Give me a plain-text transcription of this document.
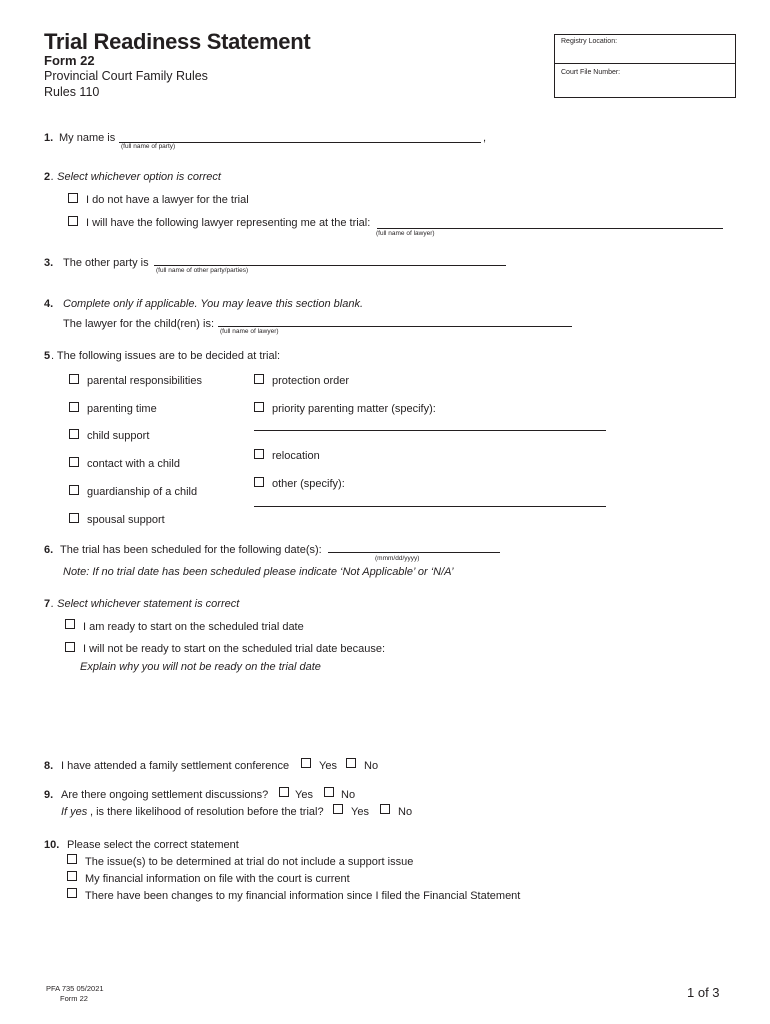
Trial Readiness Statement
Form 22
Provincial Court Family Rules
Rules 110
Registry Location:
Court File Number:
1. My name is	,
(full name of party)
2 . Select whichever option is correct
I do not have a lawyer for the trial
I will have the following lawyer representing me at the trial:
(full name of lawyer)
3. The other party is
(full name of other party/parties)
4. Complete only if applicable. You may leave this section blank.
The lawyer for the child(ren) is:
(full name of lawyer)
5 . The following issues are to be decided at trial:
parental responsibilities
parenting time
child support
contact with a child
guardianship of a child
spousal support
protection order
priority parenting matter (specify):
relocation
other (specify):
6. The trial has been scheduled for the following date(s):
(mmm/dd/yyyy)
Note: If no trial date has been scheduled please indicate ‘Not Applicable’ or ‘N/A’
7 . Select whichever statement is correct
I am ready to start on the scheduled trial date
I will not be ready to start on the scheduled trial date because:
Explain why you will not be ready on the trial date
8. I have attended a family settlement conference	Yes No
9. Are there ongoing settlement discussions? Yes	No
If yes , is there likelihood of resolution before the trial? Yes	No
10. Please select the correct statement
The issue(s) to be determined at trial do not include a support issue
My financial information on file with the court is current
There have been changes to my financial information since I filed the Financial Statement
PFA 735 05/2021
Form 22	1 of 3
